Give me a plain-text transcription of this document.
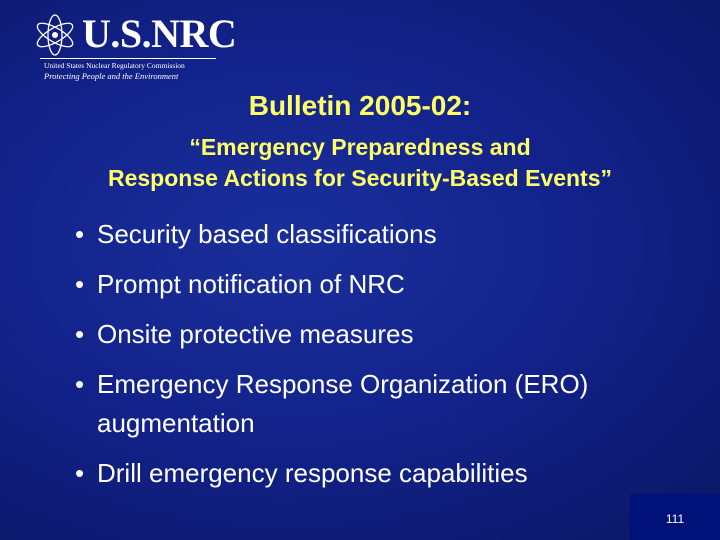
U.S.NRC
United States Nuclear Regulatory Commission
Protecting People and the Environment
Bulletin 2005-02:
“Emergency Preparedness and
Response Actions for Security-Based Events”
• Security based classifications
• Prompt notification of NRC
• Onsite protective measures
• Emergency Response Organization (ERO) augmentation
• Drill emergency response capabilities
111
